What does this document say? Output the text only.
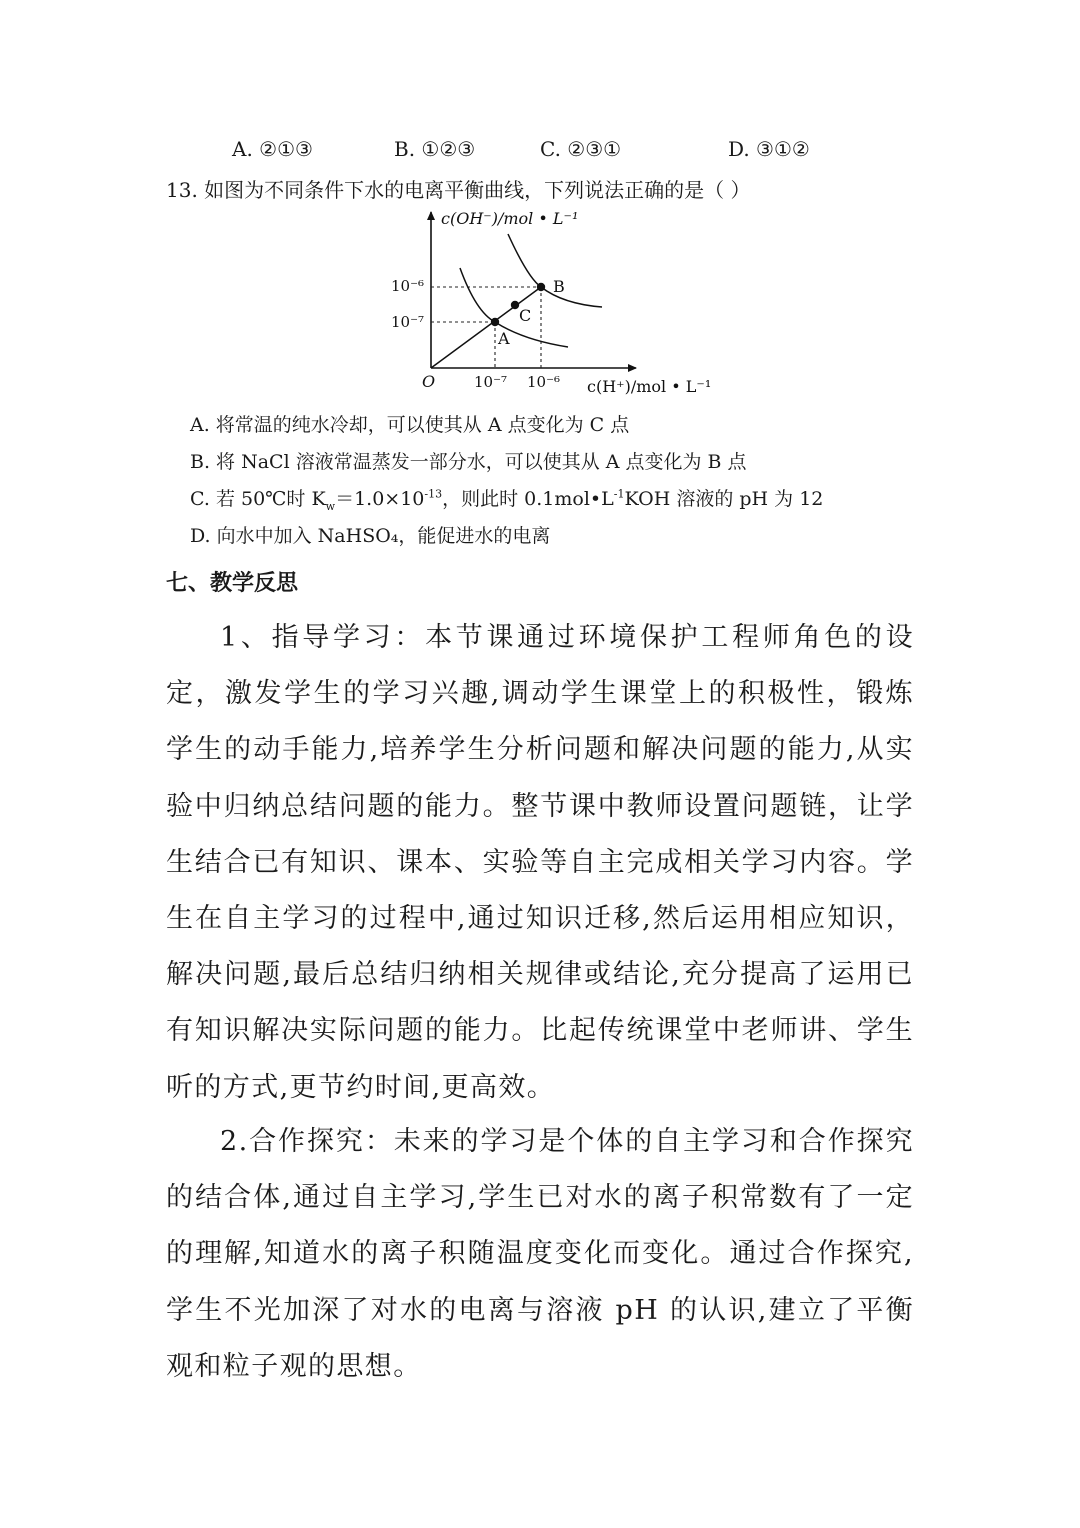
A. ②①③	B. ①②③	C. ②③①	D. ③①②
13. 如图为不同条件下水的电离平衡曲线，下列说法正确的是（ ）
c(OH⁻)/mol • L⁻¹
c(H⁺)/mol • L⁻¹
O	10⁻⁷ 10⁻⁶
10⁻⁶
10⁻⁷
A
C
B
A. 将常温的纯水冷却，可以使其从 A 点变化为 C 点
B. 将 NaCl 溶液常温蒸发一部分水，可以使其从 A 点变化为 B 点
C. 若 50℃时 $K_w=1.0\times 10^{-13}$，则此时 $0.1mol•L^{-1}KOH$ 溶液的 pH 为 12
D. 向水中加入 NaHSO₄，能促进水的电离
七、教学反思

1、指导学习：本节课通过环境保护工程师角色的设定，激发学生的学习兴趣,调动学生课堂上的积极性，锻炼学生的动手能力,培养学生分析问题和解决问题的能力,从实验中归纳总结问题的能力。整节课中教师设置问题链，让学生结合已有知识、课本、实验等自主完成相关学习内容。学生在自主学习的过程中,通过知识迁移,然后运用相应知识，解决问题,最后总结归纳相关规律或结论,充分提高了运用已有知识解决实际问题的能力。比起传统课堂中老师讲、学生听的方式,更节约时间,更高效。

2.合作探究：未来的学习是个体的自主学习和合作探究的结合体,通过自主学习,学生已对水的离子积常数有了一定的理解,知道水的离子积随温度变化而变化。通过合作探究,学生不光加深了对水的电离与溶液 pH 的认识,建立了平衡观和粒子观的思想。
